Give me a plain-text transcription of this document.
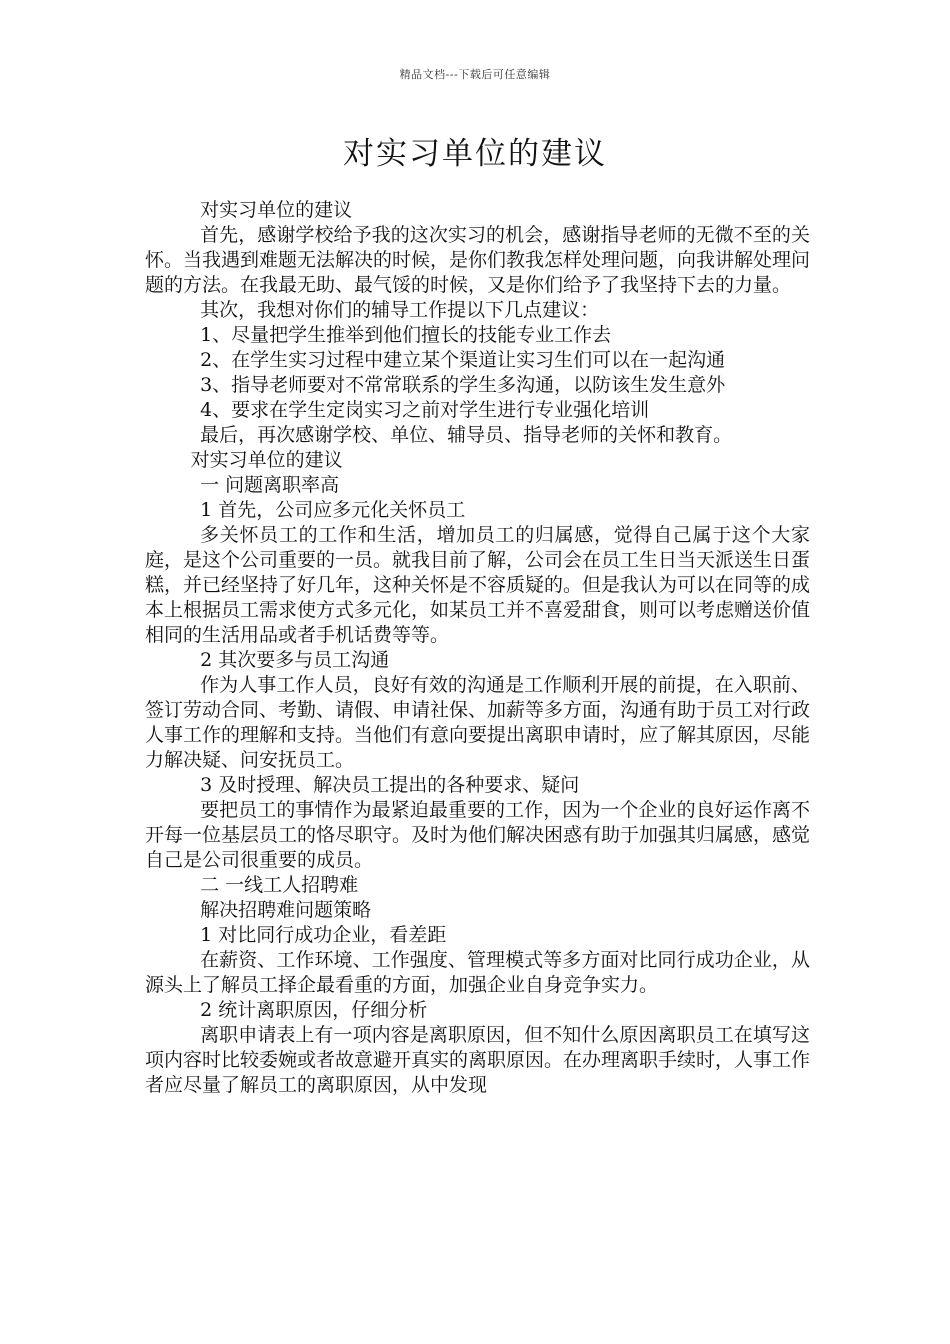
精品文档---下载后可任意编辑
对实习单位的建议

对实习单位的建议

首先，感谢学校给予我的这次实习的机会，感谢指导老师的无微不至的关怀。当我遇到难题无法解决的时候，是你们教我怎样处理问题，向我讲解处理问题的方法。在我最无助、最气馁的时候，又是你们给予了我坚持下去的力量。

其次，我想对你们的辅导工作提以下几点建议：

1、尽量把学生推举到他们擅长的技能专业工作去

2、在学生实习过程中建立某个渠道让实习生们可以在一起沟通

3、指导老师要对不常常联系的学生多沟通，以防该生发生意外

4、要求在学生定岗实习之前对学生进行专业强化培训

最后，再次感谢学校、单位、辅导员、指导老师的关怀和教育。

对实习单位的建议

一 问题离职率高

1 首先，公司应多元化关怀员工

多关怀员工的工作和生活，增加员工的归属感，觉得自己属于这个大家庭，是这个公司重要的一员。就我目前了解，公司会在员工生日当天派送生日蛋糕，并已经坚持了好几年，这种关怀是不容质疑的。但是我认为可以在同等的成本上根据员工需求使方式多元化，如某员工并不喜爱甜食，则可以考虑赠送价值相同的生活用品或者手机话费等等。

2 其次要多与员工沟通

作为人事工作人员，良好有效的沟通是工作顺利开展的前提，在入职前、签订劳动合同、考勤、请假、申请社保、加薪等多方面，沟通有助于员工对行政人事工作的理解和支持。当他们有意向要提出离职申请时，应了解其原因，尽能力解决疑、问安抚员工。

3 及时授理、解决员工提出的各种要求、疑问

要把员工的事情作为最紧迫最重要的工作，因为一个企业的良好运作离不开每一位基层员工的恪尽职守。及时为他们解决困惑有助于加强其归属感，感觉自己是公司很重要的成员。

二 一线工人招聘难

解决招聘难问题策略

1 对比同行成功企业，看差距

在薪资、工作环境、工作强度、管理模式等多方面对比同行成功企业，从源头上了解员工择企最看重的方面，加强企业自身竞争实力。

2 统计离职原因，仔细分析

离职申请表上有一项内容是离职原因，但不知什么原因离职员工在填写这项内容时比较委婉或者故意避开真实的离职原因。在办理离职手续时，人事工作者应尽量了解员工的离职原因，从中发现
